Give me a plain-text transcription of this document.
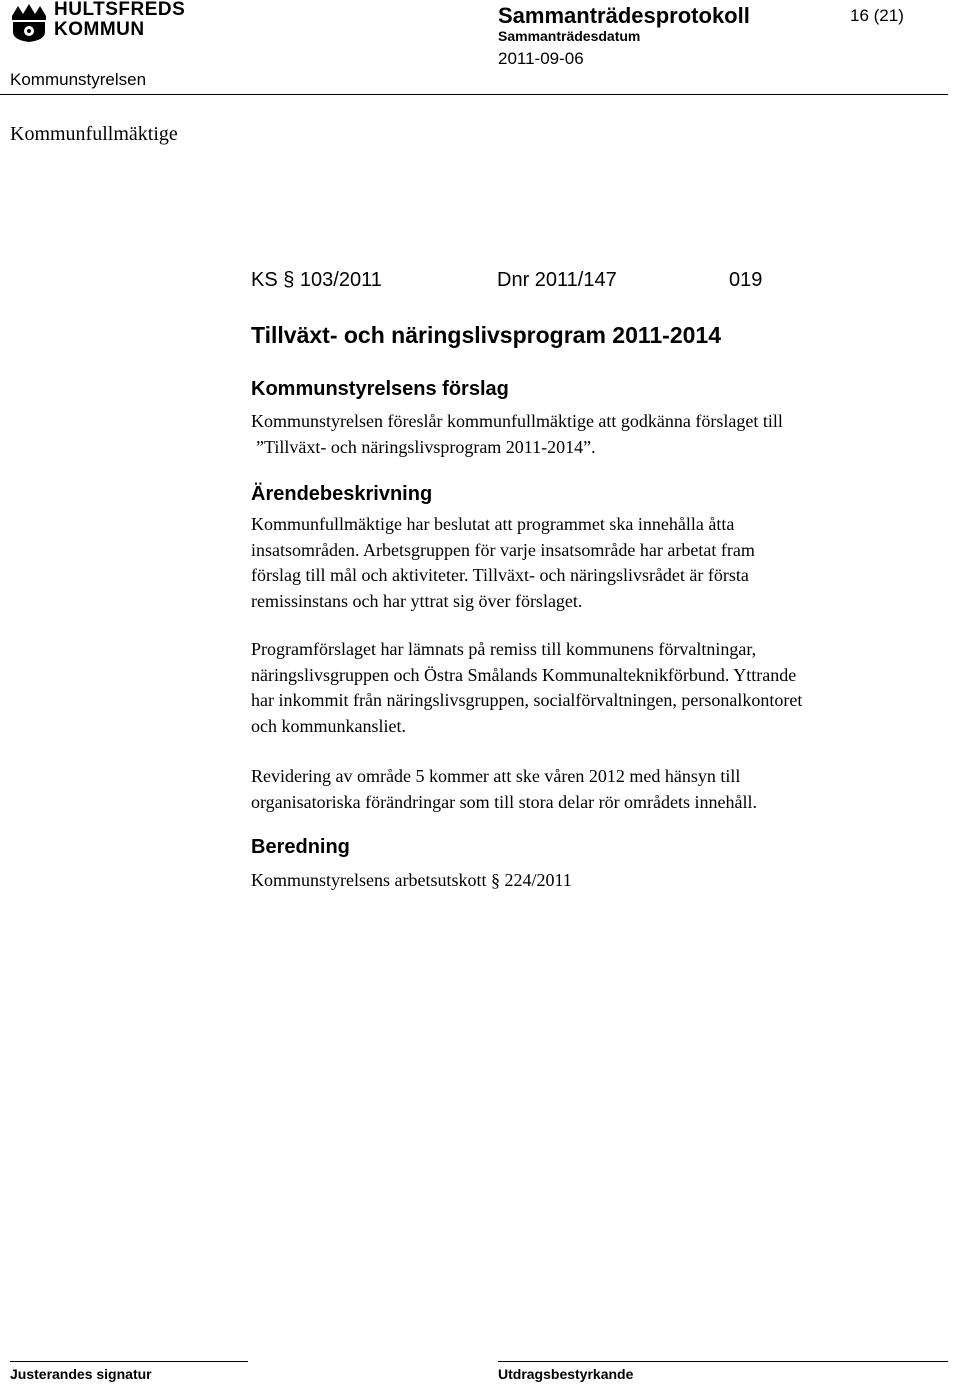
HULTSFREDS
KOMMUN
Sammanträdesprotokoll	16 (21)
Sammanträdesdatum
2011-09-06
Kommunstyrelsen
Kommunfullmäktige
KS § 103/2011	Dnr 2011/147	019
Tillväxt- och näringslivsprogram 2011-2014
Kommunstyrelsens förslag
Kommunstyrelsen föreslår kommunfullmäktige att godkänna förslaget till
”Tillväxt- och näringslivsprogram 2011-2014”.
Ärendebeskrivning
Kommunfullmäktige har beslutat att programmet ska innehålla åtta
insatsområden. Arbetsgruppen för varje insatsområde har arbetat fram
förslag till mål och aktiviteter. Tillväxt- och näringslivsrådet är första
remissinstans och har yttrat sig över förslaget.
Programförslaget har lämnats på remiss till kommunens förvaltningar,
näringslivsgruppen och Östra Smålands Kommunalteknikförbund. Yttrande
har inkommit från näringslivsgruppen, socialförvaltningen, personalkontoret
och kommunkansliet.
Revidering av område 5 kommer att ske våren 2012 med hänsyn till
organisatoriska förändringar som till stora delar rör områdets innehåll.
Beredning
Kommunstyrelsens arbetsutskott § 224/2011
Justerandes signatur	Utdragsbestyrkande
